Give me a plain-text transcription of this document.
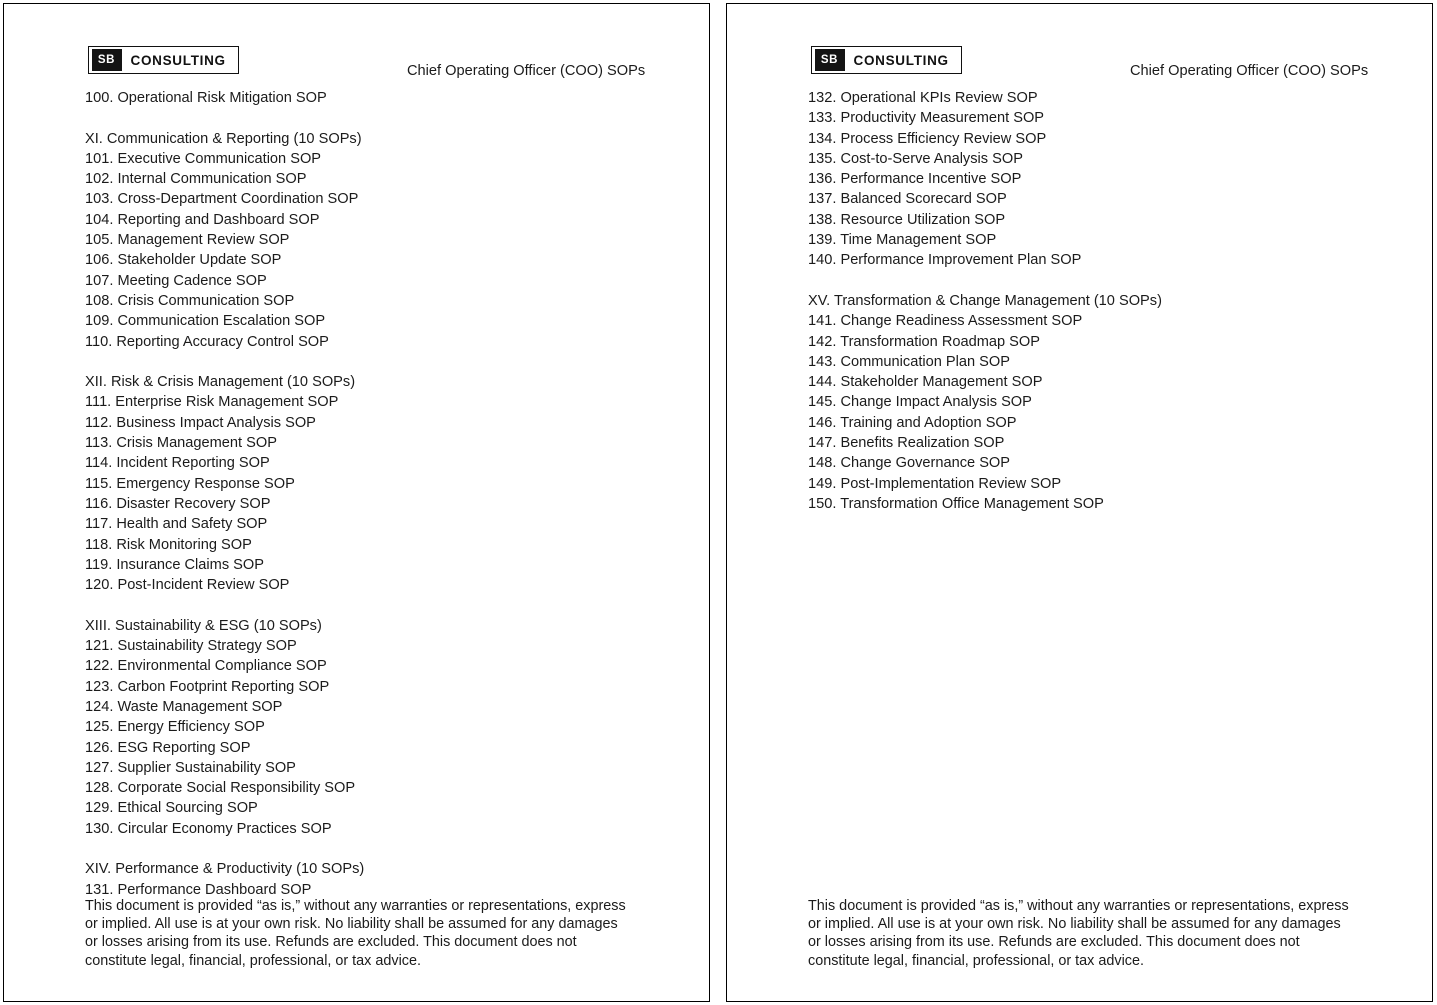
SB	CONSULTING
Chief Operating Officer (COO) SOPs
100. Operational Risk Mitigation SOP
XI. Communication & Reporting (10 SOPs)
101. Executive Communication SOP
102. Internal Communication SOP
103. Cross-Department Coordination SOP
104. Reporting and Dashboard SOP
105. Management Review SOP
106. Stakeholder Update SOP
107. Meeting Cadence SOP
108. Crisis Communication SOP
109. Communication Escalation SOP
110. Reporting Accuracy Control SOP
XII. Risk & Crisis Management (10 SOPs)
111. Enterprise Risk Management SOP
112. Business Impact Analysis SOP
113. Crisis Management SOP
114. Incident Reporting SOP
115. Emergency Response SOP
116. Disaster Recovery SOP
117. Health and Safety SOP
118. Risk Monitoring SOP
119. Insurance Claims SOP
120. Post-Incident Review SOP
XIII. Sustainability & ESG (10 SOPs)
121. Sustainability Strategy SOP
122. Environmental Compliance SOP
123. Carbon Footprint Reporting SOP
124. Waste Management SOP
125. Energy Efficiency SOP
126. ESG Reporting SOP
127. Supplier Sustainability SOP
128. Corporate Social Responsibility SOP
129. Ethical Sourcing SOP
130. Circular Economy Practices SOP
XIV. Performance & Productivity (10 SOPs)
131. Performance Dashboard SOP

This document is provided “as is,” without any warranties or representations, express or implied. All use is at your own risk. No liability shall be assumed for any damages or losses arising from its use. Refunds are excluded. This document does not constitute legal, financial, professional, or tax advice.

SB	CONSULTING
Chief Operating Officer (COO) SOPs
132. Operational KPIs Review SOP
133. Productivity Measurement SOP
134. Process Efficiency Review SOP
135. Cost-to-Serve Analysis SOP
136. Performance Incentive SOP
137. Balanced Scorecard SOP
138. Resource Utilization SOP
139. Time Management SOP
140. Performance Improvement Plan SOP
XV. Transformation & Change Management (10 SOPs)
141. Change Readiness Assessment SOP
142. Transformation Roadmap SOP
143. Communication Plan SOP
144. Stakeholder Management SOP
145. Change Impact Analysis SOP
146. Training and Adoption SOP
147. Benefits Realization SOP
148. Change Governance SOP
149. Post-Implementation Review SOP
150. Transformation Office Management SOP

This document is provided “as is,” without any warranties or representations, express or implied. All use is at your own risk. No liability shall be assumed for any damages or losses arising from its use. Refunds are excluded. This document does not constitute legal, financial, professional, or tax advice.
